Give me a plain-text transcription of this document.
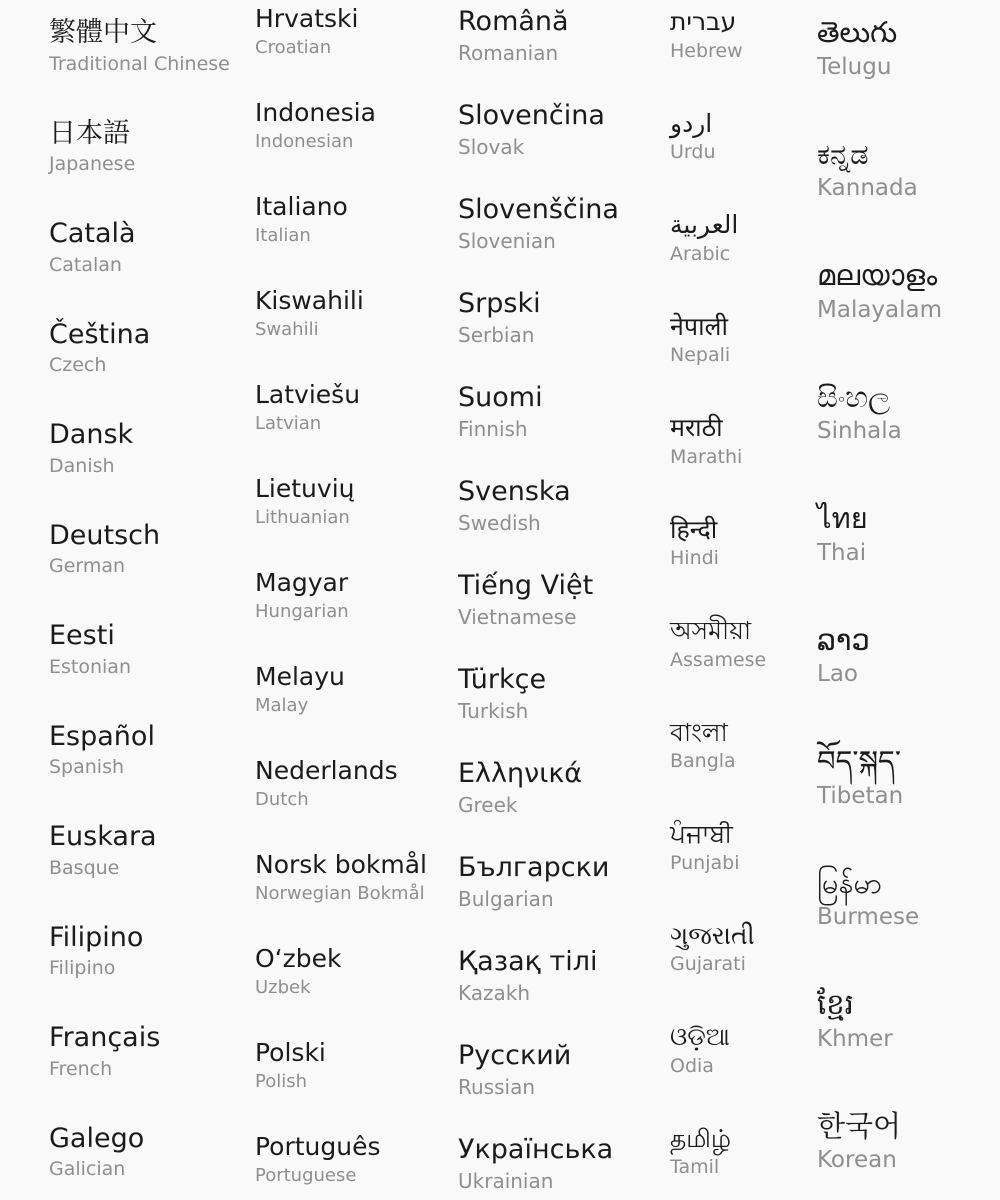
繁體中文
Traditional Chinese
日本語
Japanese
Català
Catalan
Čeština
Czech
Dansk
Danish
Deutsch
German
Eesti
Estonian
Español
Spanish
Euskara
Basque
Filipino
Filipino
Français
French
Galego
Galician
Hrvatski
Croatian
Indonesia
Indonesian
Italiano
Italian
Kiswahili
Swahili
Latviešu
Latvian
Lietuvių
Lithuanian
Magyar
Hungarian
Melayu
Malay
Nederlands
Dutch
Norsk bokmål
Norwegian Bokmål
O‘zbek
Uzbek
Polski
Polish
Português
Portuguese
Română
Romanian
Slovenčina
Slovak
Slovenščina
Slovenian
Srpski
Serbian
Suomi
Finnish
Svenska
Swedish
Tiếng Việt
Vietnamese
Türkçe
Turkish
Ελληνικά
Greek
Български
Bulgarian
Қазақ тілі
Kazakh
Русский
Russian
Українська
Ukrainian
עברית
Hebrew
اردو
Urdu
العربية
Arabic
नेपाली
Nepali
मराठी
Marathi
हिन्दी
Hindi
অসমীয়া
Assamese
বাংলা
Bangla
ਪੰਜਾਬੀ
Punjabi
ગુજરાતી
Gujarati
ଓଡ଼ିଆ
Odia
தமிழ்
Tamil
తెలుగు
Telugu
ಕನ್ನಡ
Kannada
മലയാളം
Malayalam
සිංහල
Sinhala
ไทย
Thai
ລາວ
Lao
བོད་སྐད་
Tibetan
မြန်မာ
Burmese
ខ្មែរ
Khmer
한국어
Korean
